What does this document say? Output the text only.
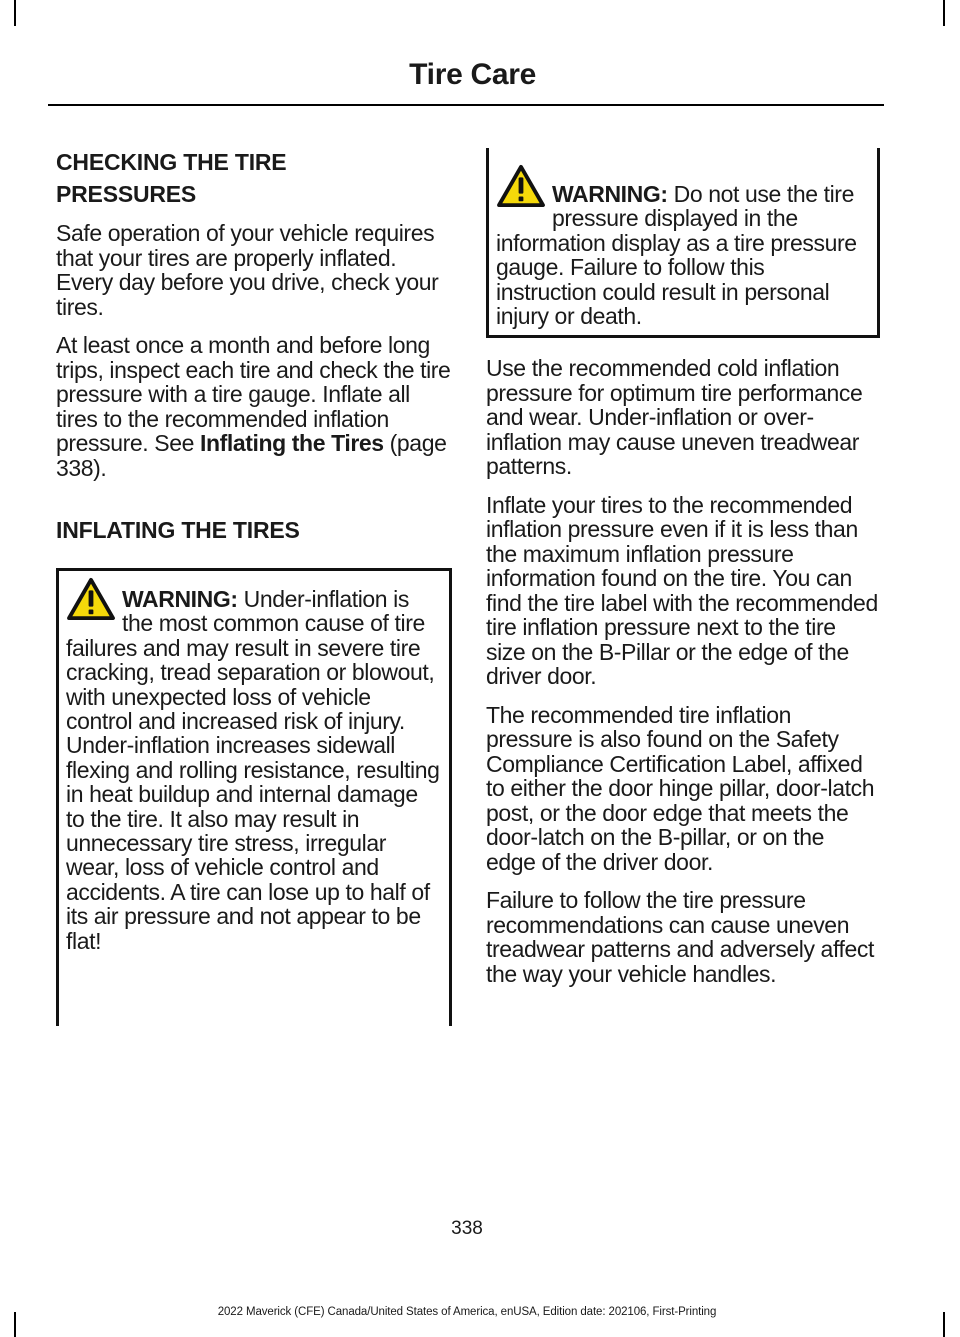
Tire Care
CHECKING THE TIRE
PRESSURES

Safe operation of your vehicle requires that your tires are properly inflated. Every day before you drive, check your tires.

At least once a month and before long trips, inspect each tire and check the tire pressure with a tire gauge. Inflate all tires to the recommended inflation pressure. See Inflating the Tires (page 338).

INFLATING THE TIRES

WARNING: Under-inflation is the most common cause of tire failures and may result in severe tire cracking, tread separation or blowout, with unexpected loss of vehicle control and increased risk of injury. Under-inflation increases sidewall flexing and rolling resistance, resulting in heat buildup and internal damage to the tire. It also may result in unnecessary tire stress, irregular wear, loss of vehicle control and accidents. A tire can lose up to half of its air pressure and not appear to be flat!

WARNING: Do not use the tire pressure displayed in the information display as a tire pressure gauge. Failure to follow this instruction could result in personal injury or death.

Use the recommended cold inflation pressure for optimum tire performance and wear. Under-inflation or over-inflation may cause uneven treadwear patterns.

Inflate your tires to the recommended inflation pressure even if it is less than the maximum inflation pressure information found on the tire. You can find the tire label with the recommended tire inflation pressure next to the tire size on the B-Pillar or the edge of the driver door.

The recommended tire inflation pressure is also found on the Safety Compliance Certification Label, affixed to either the door hinge pillar, door-latch post, or the door edge that meets the door-latch on the B-pillar, or on the edge of the driver door.

Failure to follow the tire pressure recommendations can cause uneven treadwear patterns and adversely affect the way your vehicle handles.

338
2022 Maverick (CFE) Canada/United States of America, enUSA, Edition date: 202106, First-Printing
